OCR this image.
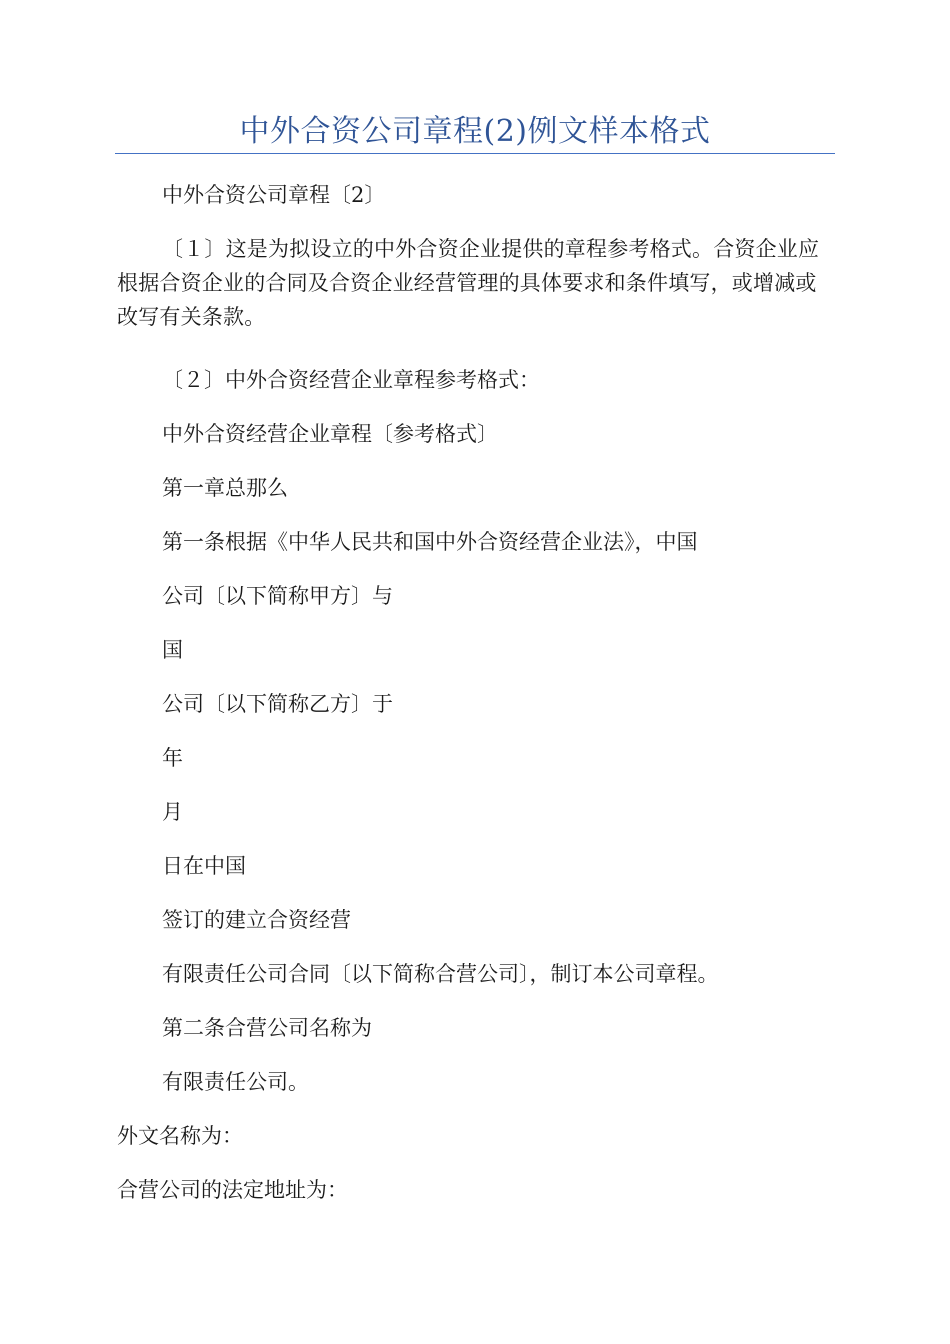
中外合资公司章程(2)例文样本格式

中外合资公司章程〔2〕

〔１〕这是为拟设立的中外合资企业提供的章程参考格式。合资企业应根据合资企业的合同及合资企业经营管理的具体要求和条件填写，或增减或改写有关条款。

〔２〕中外合资经营企业章程参考格式：

中外合资经营企业章程〔参考格式〕

第一章总那么

第一条根据《中华人民共和国中外合资经营企业法》，中国

公司〔以下简称甲方〕与

国

公司〔以下简称乙方〕于

年

月

日在中国

签订的建立合资经营

有限责任公司合同〔以下简称合营公司〕，制订本公司章程。

第二条合营公司名称为

有限责任公司。

外文名称为：

合营公司的法定地址为：
